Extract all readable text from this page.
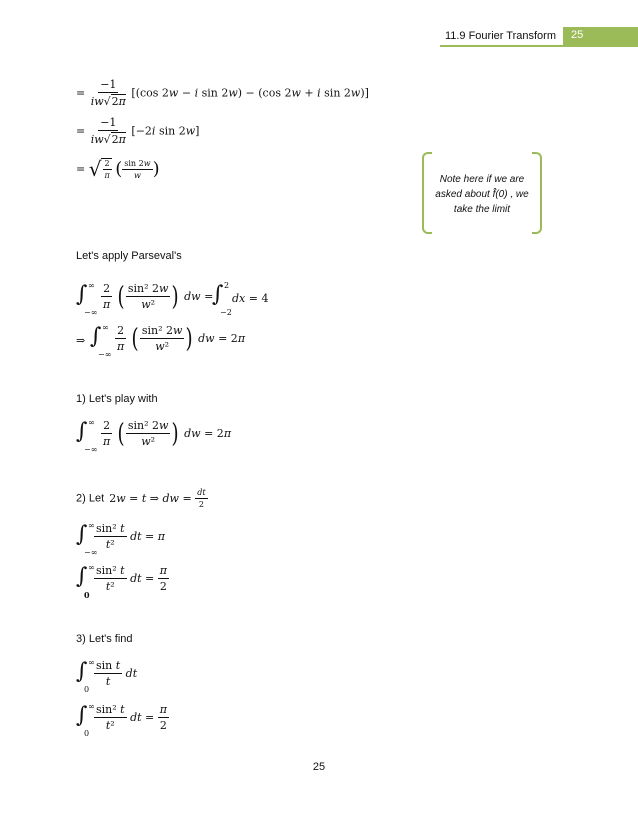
11.9 Fourier Transform 25
= $\frac{-1}{iw√2\pi} [(\cos$ 2w − i sin 2w) − (cos 2w + i sin 2w)]
= $\frac{-1}{iw√2\pi} [-2i$ sin 2w]
= √ $\frac{2}{\pi}$ ( $\frac{\sin 2w}{w}$ )	Note here if we are
asked about f̂(0) , we
take the limit
Let's apply Parseval's
∫ ∞
−∞
$\frac{2}{\pi}$ ( $\frac{\text{sin² 2w}}{\text{w²}}$ ) dw =
∫ 2
−2
dx = 4
⇒ ∫ ∞
−∞
$\frac{2}{\pi}$ ( $\frac{\text{sin² 2w}}{\text{w²}}$ ) dw = 2π
1) Let's play with
∫ ∞
−∞
$\frac{2}{\pi}$ ( $\frac{\text{sin² 2w}}{\text{w²}}$ ) dw = 2π
2) Let 2w = t ⇒ dw = $\frac{dt}{2}$
∫ ∞
−∞
$\frac{\text{sin² t}}{\text{t²}}$ dt = π
∫ ∞
0
$\frac{\text{sin² t}}{\text{t²}}$ dt = $\frac{\pi}{2}$
3) Let's find
∫ ∞
0
$\frac{\text{sin t}}{t}$ dt
∫ ∞
0
$\frac{\text{sin² t}}{\text{t²}}$ dt = $\frac{\pi}{2}$
25
